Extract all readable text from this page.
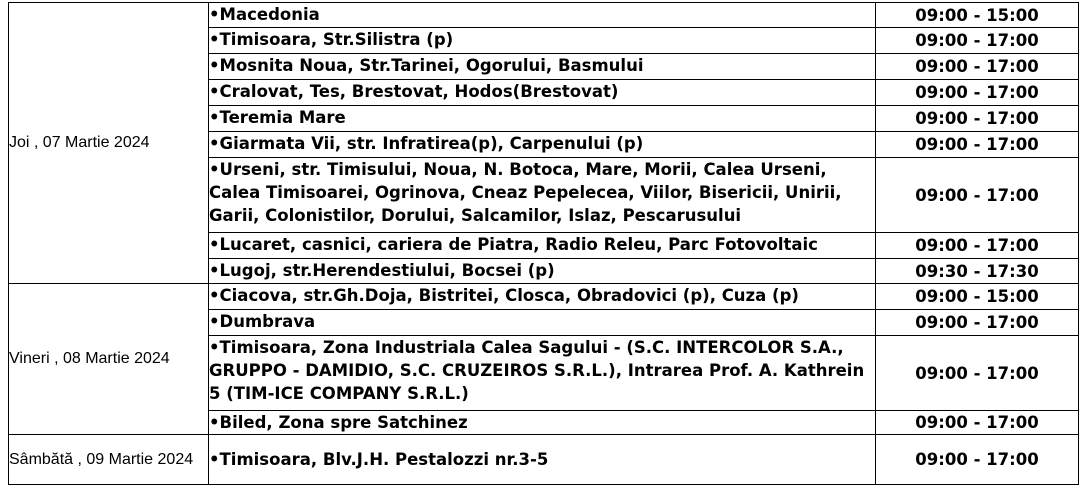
Joi , 07 Martie 2024	•Macedonia	09:00 - 15:00
	•Timisoara, Str.Silistra (p)	09:00 - 17:00
	•Mosnita Noua, Str.Tarinei, Ogorului, Basmului	09:00 - 17:00
	•Cralovat, Tes, Brestovat, Hodos(Brestovat)	09:00 - 17:00
	•Teremia Mare	09:00 - 17:00
	•Giarmata Vii, str. Infratirea(p), Carpenului (p)	09:00 - 17:00
	•Urseni, str. Timisului, Noua, N. Botoca, Mare, Morii, Calea Urseni, Calea Timisoarei, Ogrinova, Cneaz Pepelecea, Viilor, Bisericii, Unirii, Garii, Colonistilor, Dorului, Salcamilor, Islaz, Pescarusului	09:00 - 17:00
	•Lucaret, casnici, cariera de Piatra, Radio Releu, Parc Fotovoltaic	09:00 - 17:00
	•Lugoj, str.Herendestiului, Bocsei (p)	09:30 - 17:30
Vineri , 08 Martie 2024	•Ciacova, str.Gh.Doja, Bistritei, Closca, Obradovici (p), Cuza (p)	09:00 - 15:00
	•Dumbrava	09:00 - 17:00
	•Timisoara, Zona Industriala Calea Sagului - (S.C. INTERCOLOR S.A., GRUPPO - DAMIDIO, S.C. CRUZEIROS S.R.L.), Intrarea Prof. A. Kathrein 5 (TIM-ICE COMPANY S.R.L.)	09:00 - 17:00
	•Biled, Zona spre Satchinez	09:00 - 17:00
Sâmbătă , 09 Martie 2024	•Timisoara, Blv.J.H. Pestalozzi nr.3-5	09:00 - 17:00
